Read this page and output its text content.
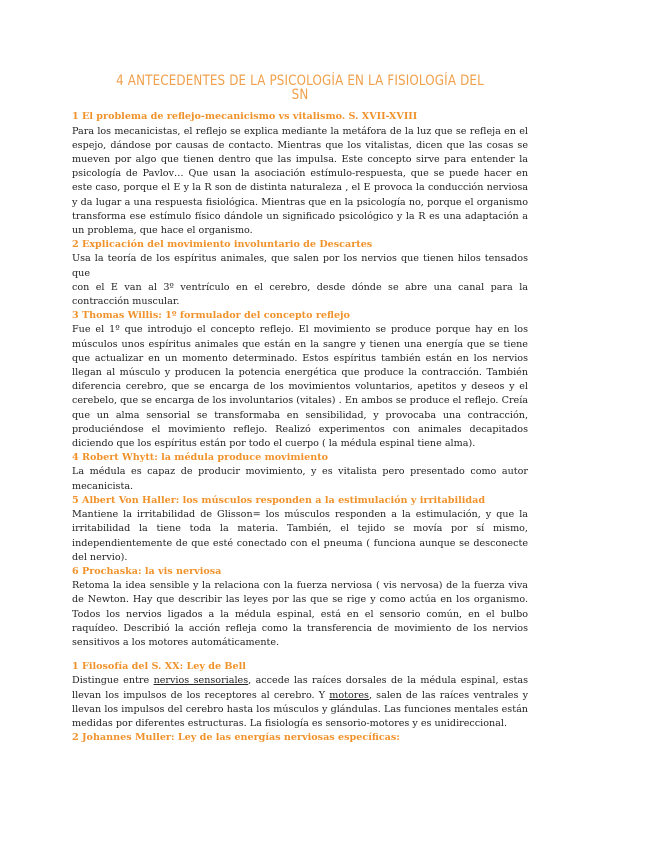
4 ANTECEDENTES DE LA PSICOLOGÍA EN LA FISIOLOGÍA DEL SN

1 El problema de reflejo-mecanicismo vs vitalismo. S. XVII-XVIII

Para los mecanicistas, el reflejo se explica mediante la metáfora de la luz que se refleja en el espejo, dándose por causas de contacto. Mientras que los vitalistas, dicen que las cosas se mueven por algo que tienen dentro que las impulsa. Este concepto sirve para entender la psicología de Pavlov… Que usan la asociación estímulo-respuesta, que se puede hacer en este caso, porque el E y la R son de distinta naturaleza , el E provoca la conducción nerviosa y da lugar a una respuesta fisiológica. Mientras que en la psicología no, porque el organismo transforma ese estímulo físico dándole un significado psicológico y la R es una adaptación a un problema, que hace el organismo.

2 Explicación del movimiento involuntario de Descartes

Usa la teoría de los espíritus animales, que salen por los nervios que tienen hilos tensados que

con el E van al 3º ventrículo en el cerebro, desde dónde se abre una canal para la contracción muscular.

3 Thomas Willis: 1º formulador del concepto reflejo

Fue el 1º que introdujo el concepto reflejo. El movimiento se produce porque hay en los músculos unos espíritus animales que están en la sangre y tienen una energía que se tiene que actualizar en un momento determinado. Estos espíritus también están en los nervios llegan al músculo y producen la potencia energética que produce la contracción. También diferencia cerebro, que se encarga de los movimientos voluntarios, apetitos y deseos y el cerebelo, que se encarga de los involuntarios (vitales) . En ambos se produce el reflejo. Creía que un alma sensorial se transformaba en sensibilidad, y provocaba una contracción, produciéndose el movimiento reflejo. Realizó experimentos con animales decapitados diciendo que los espíritus están por todo el cuerpo ( la médula espinal tiene alma).

4 Robert Whytt: la médula produce movimiento

La médula es capaz de producir movimiento, y es vitalista pero presentado como autor mecanicista.

5 Albert Von Haller: los músculos responden a la estimulación y irritabilidad

Mantiene la irritabilidad de Glisson= los músculos responden a la estimulación, y que la irritabilidad la tiene toda la materia. También, el tejido se movía por sí mismo, independientemente de que esté conectado con el pneuma ( funciona aunque se desconecte del nervio).

6 Prochaska: la vis nerviosa

Retoma la idea sensible y la relaciona con la fuerza nerviosa ( vis nervosa) de la fuerza viva de Newton. Hay que describir las leyes por las que se rige y como actúa en los organismo. Todos los nervios ligados a la médula espinal, está en el sensorio común, en el bulbo raquídeo. Describió la acción refleja como la transferencia de movimiento de los nervios sensitivos a los motores automáticamente.

1 Filosofía del S. XX: Ley de Bell

Distingue entre nervios sensoriales, accede las raíces dorsales de la médula espinal, estas llevan los impulsos de los receptores al cerebro. Y motores, salen de las raíces ventrales y llevan los impulsos del cerebro hasta los músculos y glándulas. Las funciones mentales están medidas por diferentes estructuras. La fisiología es sensorio-motores y es unidireccional.

2 Johannes Muller: Ley de las energías nerviosas específicas:
